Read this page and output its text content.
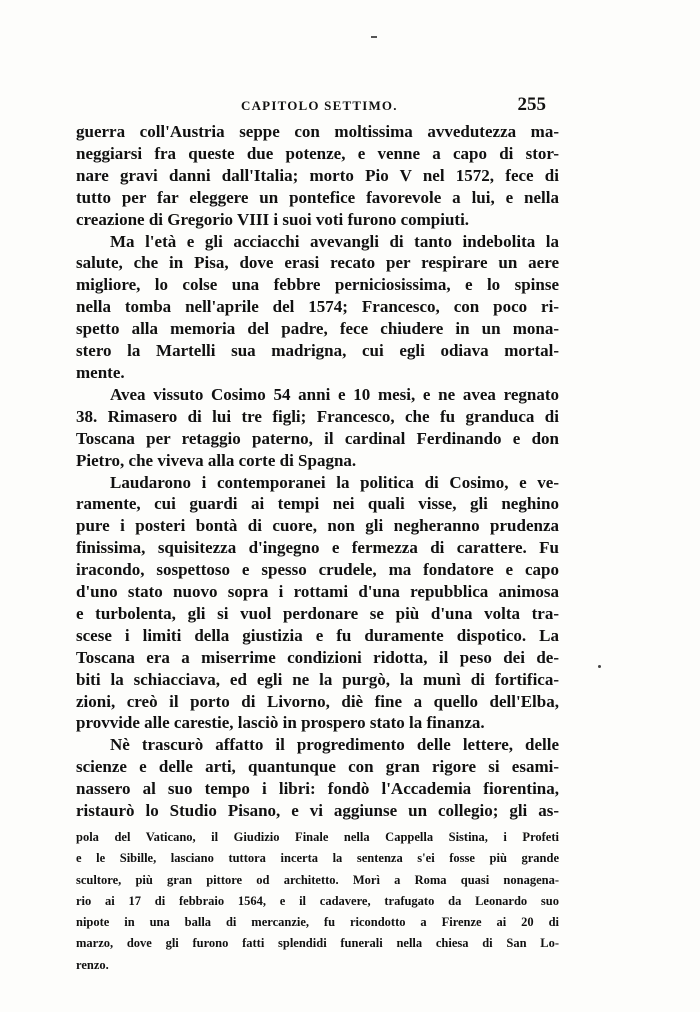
CAPITOLO SETTIMO.	255
guerra coll'Austria seppe con moltissima avvedutezza ma-
neggiarsi fra queste due potenze, e venne a capo di stor-
nare gravi danni dall'Italia; morto Pio V nel 1572, fece di
tutto per far eleggere un pontefice favorevole a lui, e nella
creazione di Gregorio VIII i suoi voti furono compiuti.
Ma l'età e gli acciacchi avevangli di tanto indebolita la
salute, che in Pisa, dove erasi recato per respirare un aere
migliore, lo colse una febbre perniciosissima, e lo spinse
nella tomba nell'aprile del 1574; Francesco, con poco ri-
spetto alla memoria del padre, fece chiudere in un mona-
stero la Martelli sua madrigna, cui egli odiava mortal-
mente.
Avea vissuto Cosimo 54 anni e 10 mesi, e ne avea regnato
38. Rimasero di lui tre figli; Francesco, che fu granduca di
Toscana per retaggio paterno, il cardinal Ferdinando e don
Pietro, che viveva alla corte di Spagna.
Laudarono i contemporanei la politica di Cosimo, e ve-
ramente, cui guardi ai tempi nei quali visse, gli neghino
pure i posteri bontà di cuore, non gli negheranno prudenza
finissima, squisitezza d'ingegno e fermezza di carattere. Fu
iracondo, sospettoso e spesso crudele, ma fondatore e capo
d'uno stato nuovo sopra i rottami d'una repubblica animosa
e turbolenta, gli si vuol perdonare se più d'una volta tra-
scese i limiti della giustizia e fu duramente dispotico. La
Toscana era a miserrime condizioni ridotta, il peso dei de-
biti la schiacciava, ed egli ne la purgò, la munì di fortifica-
zioni, creò il porto di Livorno, diè fine a quello dell'Elba,
provvide alle carestie, lasciò in prospero stato la finanza.
Nè trascurò affatto il progredimento delle lettere, delle
scienze e delle arti, quantunque con gran rigore si esami-
nassero al suo tempo i libri: fondò l'Accademia fiorentina,
ristaurò lo Studio Pisano, e vi aggiunse un collegio; gli as-
pola del Vaticano, il Giudizio Finale nella Cappella Sistina, i Profeti
e le Sibille, lasciano tuttora incerta la sentenza s'ei fosse più grande
scultore, più gran pittore od architetto. Morì a Roma quasi nonagena-
rio ai 17 di febbraio 1564, e il cadavere, trafugato da Leonardo suo
nipote in una balla di mercanzie, fu ricondotto a Firenze ai 20 di
marzo, dove gli furono fatti splendidi funerali nella chiesa di San Lo-
renzo.
